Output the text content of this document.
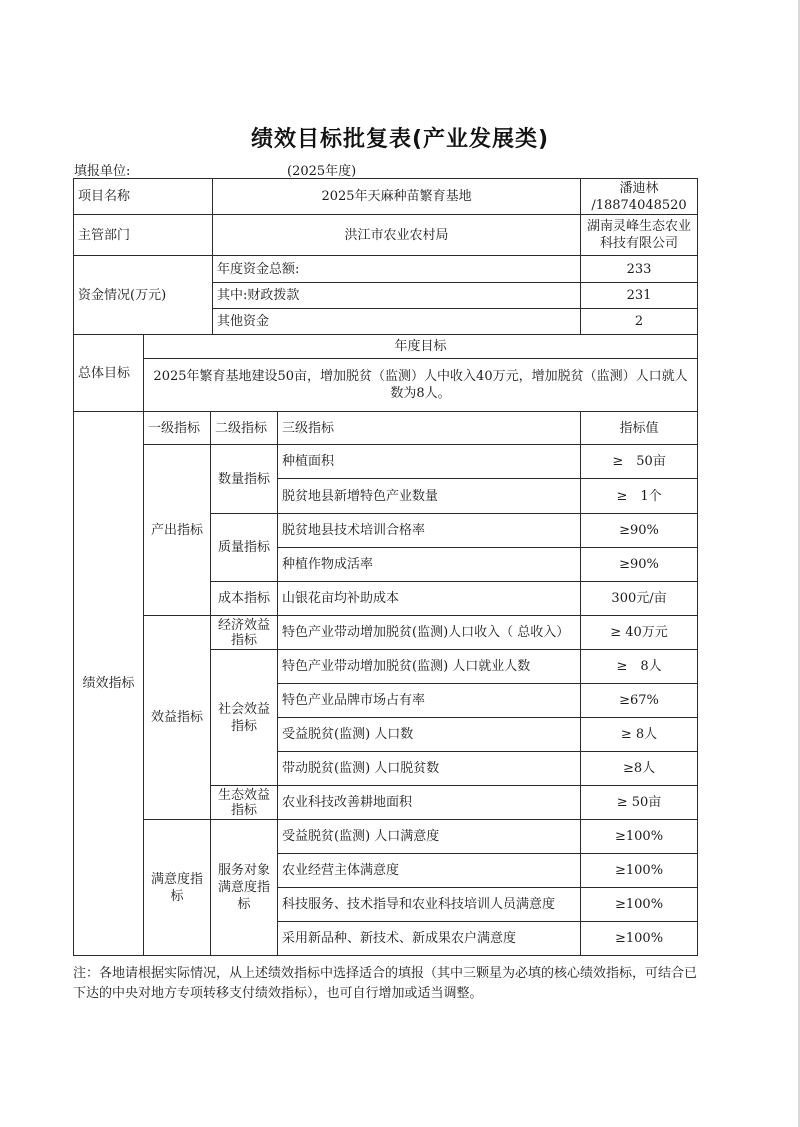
绩效目标批复表(产业发展类)
填报单位:	(2025年度)
项目名称			2025年天麻种苗繁育基地		潘迪林
/18874048520

主管部门			洪江市农业农村局		湖南灵峰生态农业
科技有限公司

资金情况(万元)			年度资金总额:		233
			其中:财政拨款		231
			其他资金		2
总体目标	年度目标				
	2025年繁育基地建设50亩，增加脱贫（监测）人中收入40万元，增加脱贫（监测）人口就人数为8人。				
绩效指标	一级指标	二级指标		三级指标	指标值
	产出指标	数量指标		种植面积	≥　50亩
				脱贫地县新增特色产业数量	≥　1个
		质量指标		脱贫地县技术培训合格率	≥90%
				种植作物成活率	≥90%
		成本指标		山银花亩均补助成本	300元/亩
	效益指标	经济效益指标		特色产业带动增加脱贫(监测)人口收入（ 总收入）	≥ 40万元
		社会效益指标		特色产业带动增加脱贫(监测) 人口就业人数	≥　8人
				特色产业品牌市场占有率	≥67%
				受益脱贫(监测) 人口数	≥ 8人
				带动脱贫(监测) 人口脱贫数	≥8人
		生态效益指标		农业科技改善耕地面积	≥ 50亩
	满意度指标	服务对象满意度指标		受益脱贫(监测) 人口满意度	≥100%
				农业经营主体满意度	≥100%
				科技服务、技术指导和农业科技培训人员满意度	≥100%
				采用新品种、新技术、新成果农户满意度	≥100%
注：各地请根据实际情况，从上述绩效指标中选择适合的填报（其中三颗星为必填的核心绩效指标，可结合已下达的中央对地方专项转移支付绩效指标），也可自行增加或适当调整。
